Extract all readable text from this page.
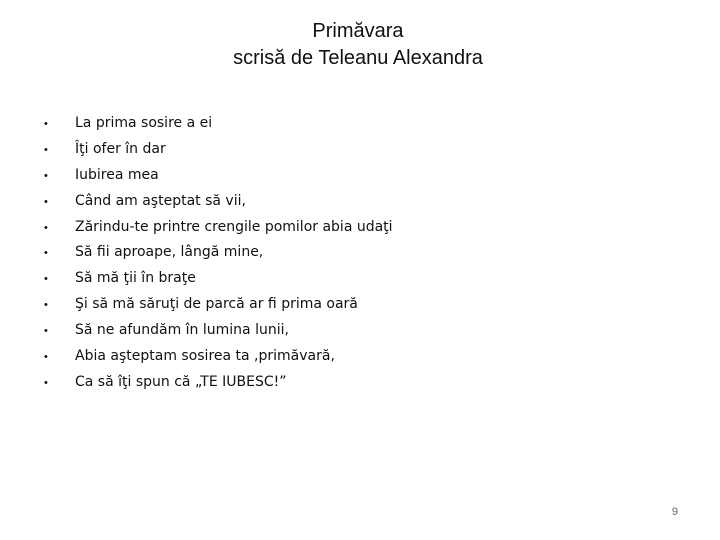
Primăvara
scrisă de Teleanu Alexandra
•	La prima sosire a ei
•	Îţi ofer în dar
•	Iubirea mea
•	Când am aşteptat să vii,
•	Zărindu-te printre crengile pomilor abia udaţi
•	Să fii aproape, lângă mine,
•	Să mă ţii în braţe
•	Şi să mă săruţi de parcă ar fi prima oară
•	Să ne afundăm în lumina lunii,
•	Abia aşteptam sosirea ta ,primăvară,
•	Ca să îţi spun că „TE IUBESC!”
9
